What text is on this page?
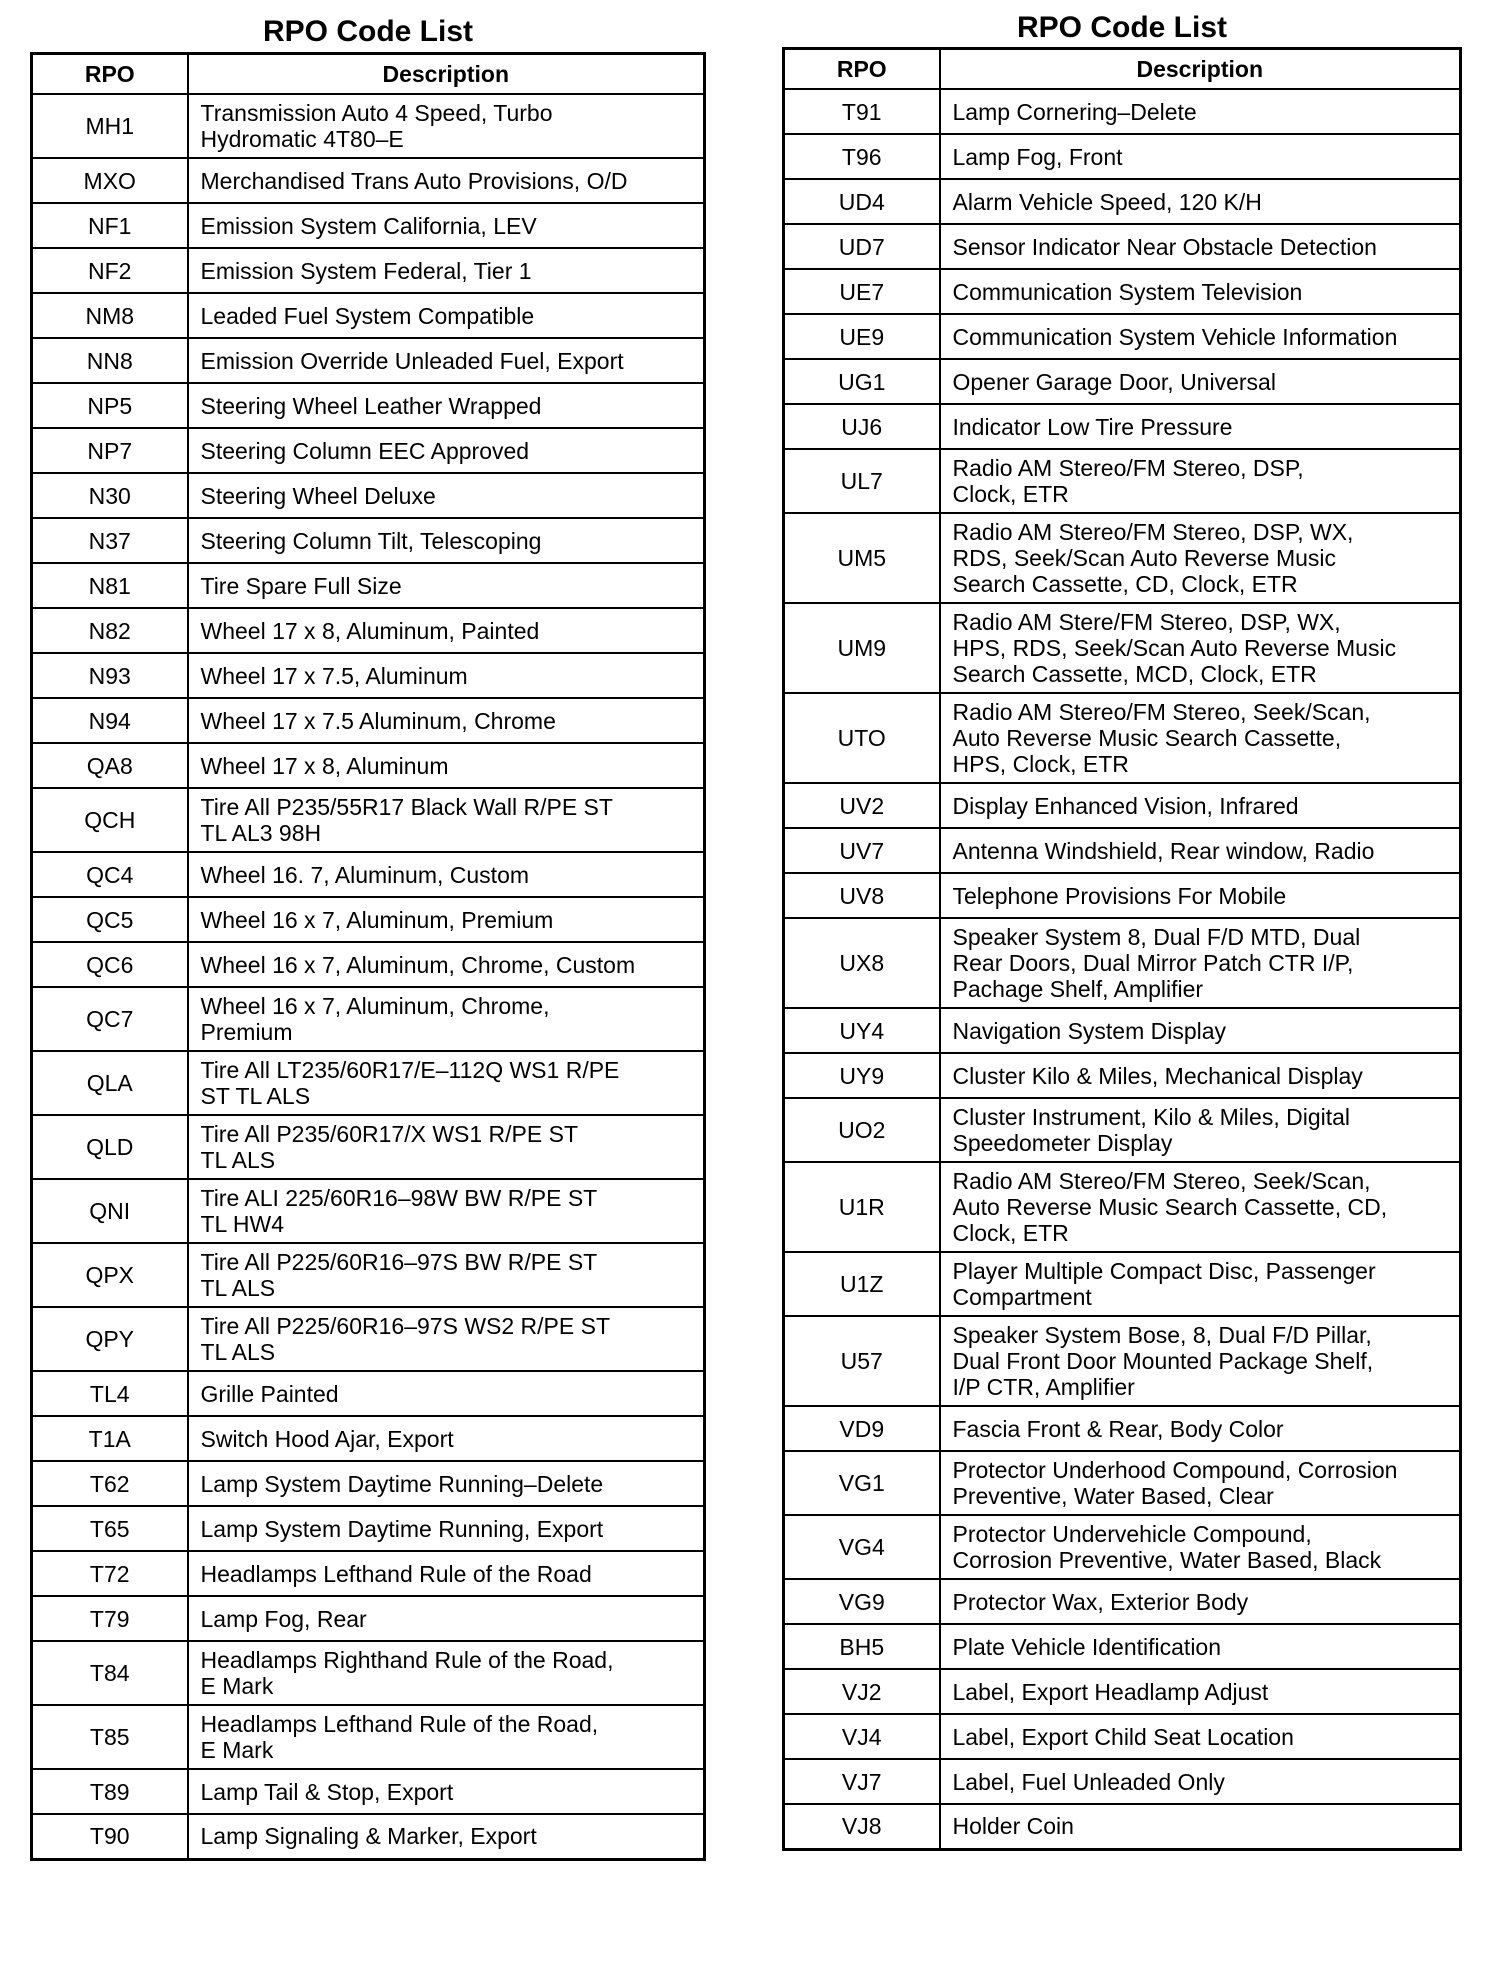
RPO Code List
RPO	Description
MH1	Transmission Auto 4 Speed, Turbo
Hydromatic 4T80–E
MXO	Merchandised Trans Auto Provisions, O/D
NF1	Emission System California, LEV
NF2	Emission System Federal, Tier 1
NM8	Leaded Fuel System Compatible
NN8	Emission Override Unleaded Fuel, Export
NP5	Steering Wheel Leather Wrapped
NP7	Steering Column EEC Approved
N30	Steering Wheel Deluxe
N37	Steering Column Tilt, Telescoping
N81	Tire Spare Full Size
N82	Wheel 17 x 8, Aluminum, Painted
N93	Wheel 17 x 7.5, Aluminum
N94	Wheel 17 x 7.5 Aluminum, Chrome
QA8	Wheel 17 x 8, Aluminum
QCH	Tire All P235/55R17 Black Wall R/PE ST
TL AL3 98H
QC4	Wheel 16. 7, Aluminum, Custom
QC5	Wheel 16 x 7, Aluminum, Premium
QC6	Wheel 16 x 7, Aluminum, Chrome, Custom
QC7	Wheel 16 x 7, Aluminum, Chrome,
Premium
QLA	Tire All LT235/60R17/E–112Q WS1 R/PE
ST TL ALS
QLD	Tire All P235/60R17/X WS1 R/PE ST
TL ALS
QNI	Tire ALI 225/60R16–98W BW R/PE ST
TL HW4
QPX	Tire All P225/60R16–97S BW R/PE ST
TL ALS
QPY	Tire All P225/60R16–97S WS2 R/PE ST
TL ALS
TL4	Grille Painted
T1A	Switch Hood Ajar, Export
T62	Lamp System Daytime Running–Delete
T65	Lamp System Daytime Running, Export
T72	Headlamps Lefthand Rule of the Road
T79	Lamp Fog, Rear
T84	Headlamps Righthand Rule of the Road,
E Mark
T85	Headlamps Lefthand Rule of the Road,
E Mark
T89	Lamp Tail & Stop, Export
T90	Lamp Signaling & Marker, Export
RPO Code List
RPO	Description
T91	Lamp Cornering–Delete
T96	Lamp Fog, Front
UD4	Alarm Vehicle Speed, 120 K/H
UD7	Sensor Indicator Near Obstacle Detection
UE7	Communication System Television
UE9	Communication System Vehicle Information
UG1	Opener Garage Door, Universal
UJ6	Indicator Low Tire Pressure
UL7	Radio AM Stereo/FM Stereo, DSP,
Clock, ETR
UM5	Radio AM Stereo/FM Stereo, DSP, WX,
RDS, Seek/Scan Auto Reverse Music
Search Cassette, CD, Clock, ETR
UM9	Radio AM Stere/FM Stereo, DSP, WX,
HPS, RDS, Seek/Scan Auto Reverse Music
Search Cassette, MCD, Clock, ETR
UTO	Radio AM Stereo/FM Stereo, Seek/Scan,
Auto Reverse Music Search Cassette,
HPS, Clock, ETR
UV2	Display Enhanced Vision, Infrared
UV7	Antenna Windshield, Rear window, Radio
UV8	Telephone Provisions For Mobile
UX8	Speaker System 8, Dual F/D MTD, Dual
Rear Doors, Dual Mirror Patch CTR I/P,
Pachage Shelf, Amplifier
UY4	Navigation System Display
UY9	Cluster Kilo & Miles, Mechanical Display
UO2	Cluster Instrument, Kilo & Miles, Digital
Speedometer Display
U1R	Radio AM Stereo/FM Stereo, Seek/Scan,
Auto Reverse Music Search Cassette, CD,
Clock, ETR
U1Z	Player Multiple Compact Disc, Passenger
Compartment
U57	Speaker System Bose, 8, Dual F/D Pillar,
Dual Front Door Mounted Package Shelf,
I/P CTR, Amplifier
VD9	Fascia Front & Rear, Body Color
VG1	Protector Underhood Compound, Corrosion
Preventive, Water Based, Clear
VG4	Protector Undervehicle Compound,
Corrosion Preventive, Water Based, Black
VG9	Protector Wax, Exterior Body
BH5	Plate Vehicle Identification
VJ2	Label, Export Headlamp Adjust
VJ4	Label, Export Child Seat Location
VJ7	Label, Fuel Unleaded Only
VJ8	Holder Coin
